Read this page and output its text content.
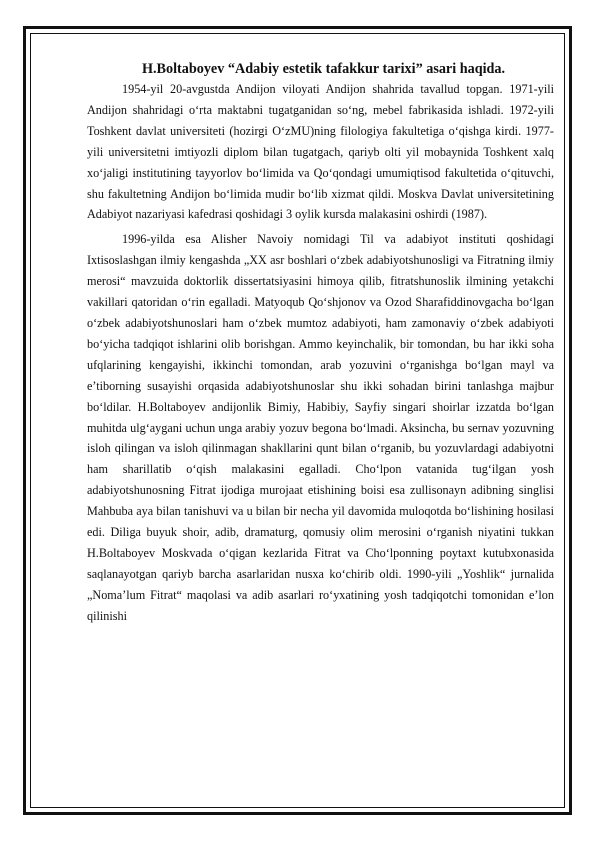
H.Boltaboyev “Adabiy estetik tafakkur tarixi” asari haqida.

1954-yil 20-avgustda Andijon viloyati Andijon shahrida tavallud topgan. 1971-yili Andijon shahridagi o‘rta maktabni tugatganidan so‘ng, mebel fabrikasida ishladi. 1972-yili Toshkent davlat universiteti (hozirgi O‘zMU)ning filologiya fakultetiga o‘qishga kirdi. 1977-yili universitetni imtiyozli diplom bilan tugatgach, qariyb olti yil mobaynida Toshkent xalq xo‘jaligi institutining tayyorlov bo‘limida va Qo‘qondagi umumiqtisod fakultetida o‘qituvchi, shu fakultetning Andijon bo‘limida mudir bo‘lib xizmat qildi. Moskva Davlat universitetining Adabiyot nazariyasi kafedrasi qoshidagi 3 oylik kursda malakasini oshirdi (1987).

1996-yilda esa Alisher Navoiy nomidagi Til va adabiyot instituti qoshidagi Ixtisoslashgan ilmiy kengashda „XX asr boshlari o‘zbek adabiyotshunosligi va Fitratning ilmiy merosi“ mavzuida doktorlik dissertatsiyasini himoya qilib, fitratshunoslik ilmining yetakchi vakillari qatoridan o‘rin egalladi. Matyoqub Qo‘shjonov va Ozod Sharafiddinovgacha bo‘lgan o‘zbek adabiyotshunoslari ham o‘zbek mumtoz adabiyoti, ham zamonaviy o‘zbek adabiyoti bo‘yicha tadqiqot ishlarini olib borishgan. Ammo keyinchalik, bir tomondan, bu har ikki soha ufqlarining kengayishi, ikkinchi tomondan, arab yozuvini o‘rganishga bo‘lgan mayl va e’tiborning susayishi orqasida adabiyotshunoslar shu ikki sohadan birini tanlashga majbur bo‘ldilar. H.Boltaboyev andijonlik Bimiy, Habibiy, Sayfiy singari shoirlar izzatda bo‘lgan muhitda ulg‘aygani uchun unga arabiy yozuv begona bo‘lmadi. Aksincha, bu sernav yozuvning isloh qilingan va isloh qilinmagan shakllarini qunt bilan o‘rganib, bu yozuvlardagi adabiyotni ham sharillatib o‘qish malakasini egalladi. Cho‘lpon vatanida tug‘ilgan yosh adabiyotshunosning Fitrat ijodiga murojaat etishining boisi esa zullisonayn adibning singlisi Mahbuba aya bilan tanishuvi va u bilan bir necha yil davomida muloqotda bo‘lishining hosilasi edi. Diliga buyuk shoir, adib, dramaturg, qomusiy olim merosini o‘rganish niyatini tukkan H.Boltaboyev Moskvada o‘qigan kezlarida Fitrat va Cho‘lponning poytaxt kutubxonasida saqlanayotgan qariyb barcha asarlaridan nusxa ko‘chirib oldi. 1990-yili „Yoshlik“ jurnalida „Noma’lum Fitrat“ maqolasi va adib asarlari ro‘yxatining yosh tadqiqotchi tomonidan e’lon qilinishi
